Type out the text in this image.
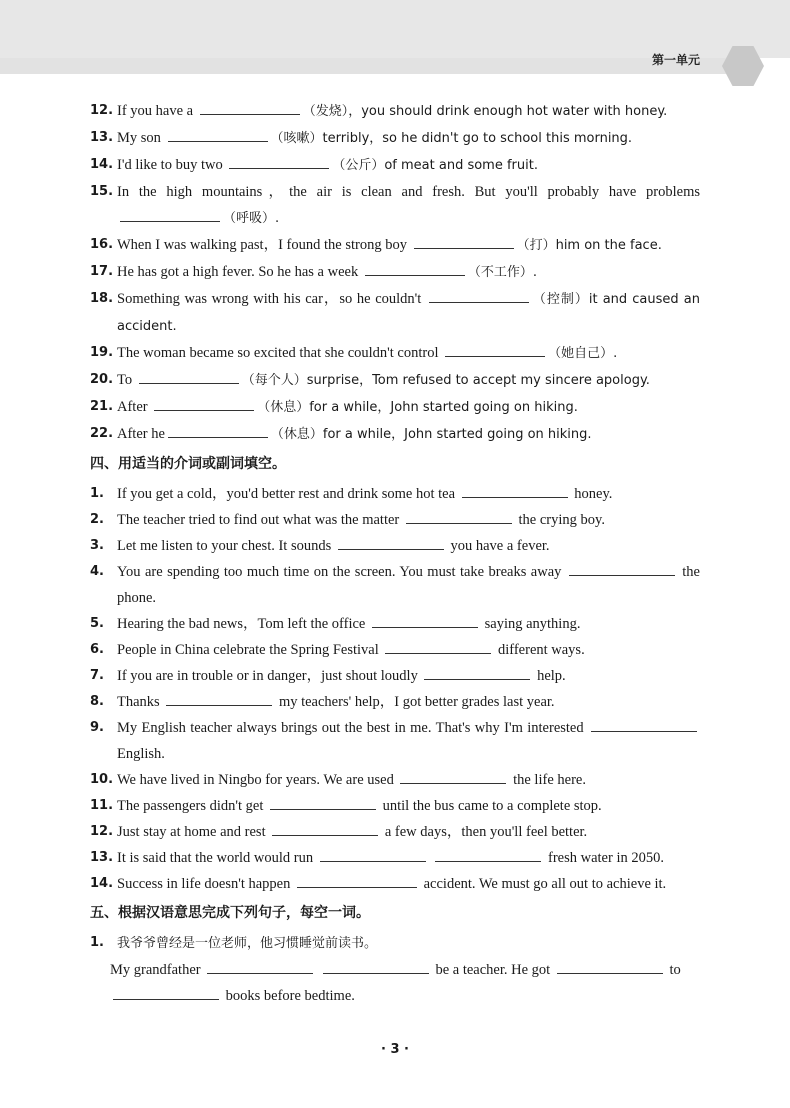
第一单元
12. If you have a	（发烧），you should drink enough hot water with honey.
13. My son	（咳嗽）terribly，so he didn't go to school this morning.
14. I'd like to buy two	（公斤）of meat and some fruit.
15. In the high mountains，the air is clean and fresh. But you'll probably have problems （呼吸）.
16. When I was walking past，I found the strong boy	（打）him on the face.
17. He has got a high fever. So he has a week	（不工作）.
18. Something was wrong with his car，so he couldn't	（控制）it and caused an accident.
19. The woman became so excited that she couldn't control	（她自己）.
20. To	（每个人）surprise，Tom refused to accept my sincere apology.
21. After	（休息）for a while，John started going on hiking.
22. After he	（休息）for a while，John started going on hiking.
四、用适当的介词或副词填空。
1. If you get a cold，you'd better rest and drink some hot tea	honey.
2. The teacher tried to find out what was the matter	the crying boy.
3. Let me listen to your chest. It sounds	you have a fever.
4. You are spending too much time on the screen. You must take breaks away	the phone.
5. Hearing the bad news，Tom left the office	saying anything.
6. People in China celebrate the Spring Festival	different ways.
7. If you are in trouble or in danger，just shout loudly	help.
8. Thanks	my teachers' help，I got better grades last year.
9. My English teacher always brings out the best in me. That's why I'm interested  English.
10. We have lived in Ningbo for years. We are used	the life here.
11. The passengers didn't get	until the bus came to a complete stop.
12. Just stay at home and rest	a few days，then you'll feel better.
13. It is said that the world would run	fresh water in 2050.
14. Success in life doesn't happen	accident. We must go all out to achieve it.
五、根据汉语意思完成下列句子，每空一词。
1. 我爷爷曾经是一位老师，他习惯睡觉前读书。
My grandfather	be a teacher. He got	to  books before bedtime.
· 3 ·
